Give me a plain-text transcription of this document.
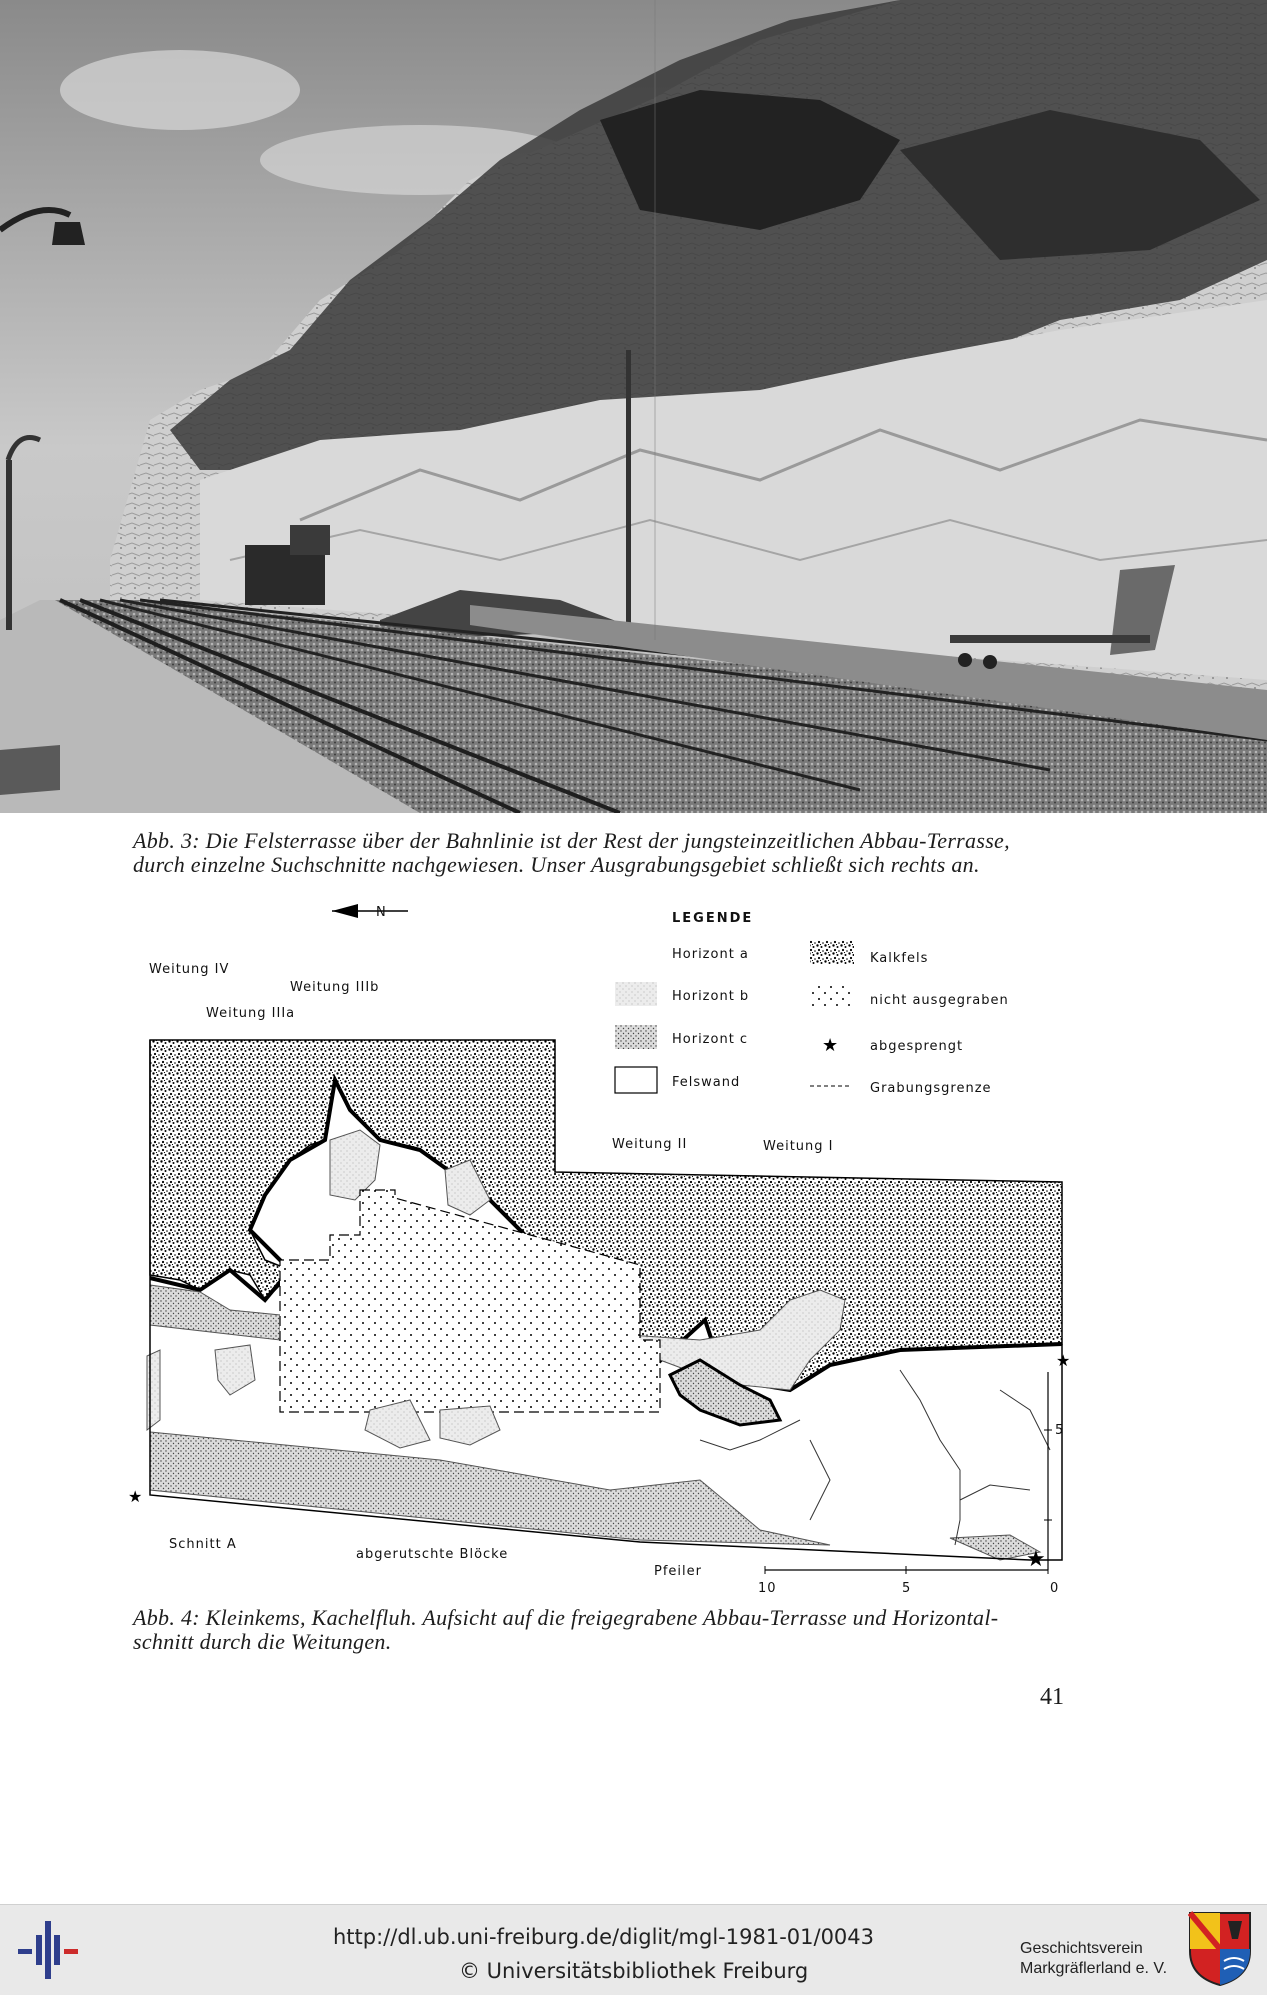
Abb. 3: Die Felsterrasse über der Bahnlinie ist der Rest der jungsteinzeitlichen Abbau-Terrasse,
durch einzelne Suchschnitte nachgewiesen. Unser Ausgrabungsgebiet schließt sich rechts an.
N
Weitung IV
Weitung IIIb
Weitung IIIa
LEGENDE
Horizont a
Horizont b
Horizont c
Felswand
Kalkfels
nicht ausgegraben
★ abgesprengt
Grabungsgrenze
Weitung II	Weitung I
★
★
★
Schnitt A
abgerutschte Blöcke
Pfeiler
10	5	0
5
Abb. 4: Kleinkems, Kachelfluh. Aufsicht auf die freigegrabene Abbau-Terrasse und Horizontal-
schnitt durch die Weitungen.
41
http://dl.ub.uni-freiburg.de/diglit/mgl-1981-01/0043
© Universitätsbibliothek Freiburg
Geschichtsverein
Markgräflerland e. V.
